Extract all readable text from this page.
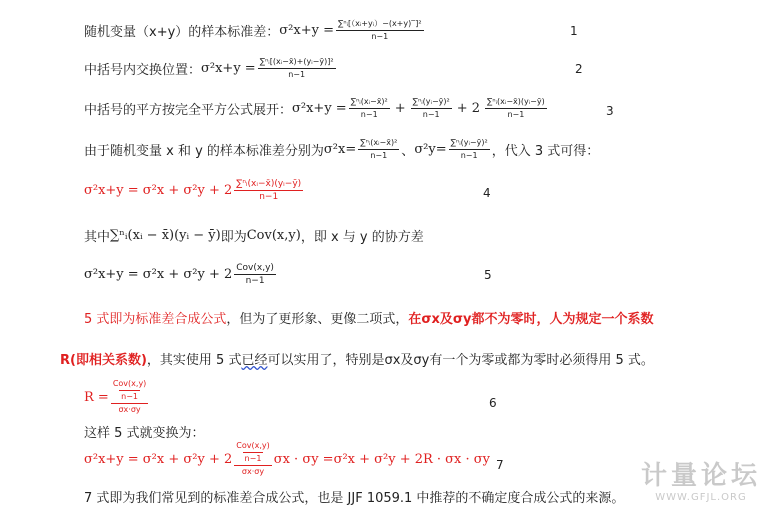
随机变量（x+y）的样本标准差： $\sigma^2x+y = \frac{\text{∑ⁿᵢ[（xᵢ+yᵢ）−(x+y)‾]²}}{n-1}$	1
中括号内交换位置： $\sigma^2x+y = \frac{\text{∑ⁿᵢ[(xᵢ−x̄)+(yᵢ−ȳ)]²}}{n-1}$	2
中括号的平方按完全平方公式展开： $\sigma^2x+y = \frac{\text{∑ⁿᵢ(xᵢ−x̄)²}}{n-1} + \frac{\text{∑ⁿᵢ(yᵢ−ȳ)²}}{n-1} + 2 \frac{\text{∑ⁿᵢ(xᵢ−x̄)(yᵢ−ȳ)}}{n-1}$	3
由于随机变量 x 和 y 的样本标准差分别为 $\sigma^2x= \frac{\text{∑ⁿᵢ(xᵢ−x̄)²}}{n-1}$ 、 $\sigma^2y= \frac{\text{∑ⁿᵢ(yᵢ−ȳ)²}}{n-1}$ ，代入 3 式可得：
$\sigma^2x+y = \sigma^2x + \sigma^2y + 2 \frac{\text{∑ⁿᵢ(xᵢ−x̄)(yᵢ−ȳ)}}{n-1}$	4
其中 ∑ⁿᵢ(xᵢ − x̄)(yᵢ − ȳ) 即为 Cov(x,y) ，即 x 与 y 的协方差
$\sigma^2x+y = \sigma^2x + \sigma^2y + 2 \frac{\text{Cov(x,y)}}{n-1}$	5
5 式即为标准差合成公式 ，但为了更形象、更像二项式， 在σx及σy都不为零时，人为规定一个系数
R(即相关系数) ，其实使用 5 式 已经 可以实用了，特别是σx及σy有一个为零或都为零时必须得用 5 式。
R = Cov(x,y)
n−1
σx·σy	6
这样 5 式就变换为：
σ²x+y = σ²x + σ²y + 2 Cov(x,y)
n−1
σx·σy σx · σy =σ²x + σ²y + 2R · σx · σy 7
7 式即为我们常见到的标准差合成公式，也是 JJF 1059.1 中推荐的不确定度合成公式的来源。
计量论坛
WWW.GFJL.ORG
